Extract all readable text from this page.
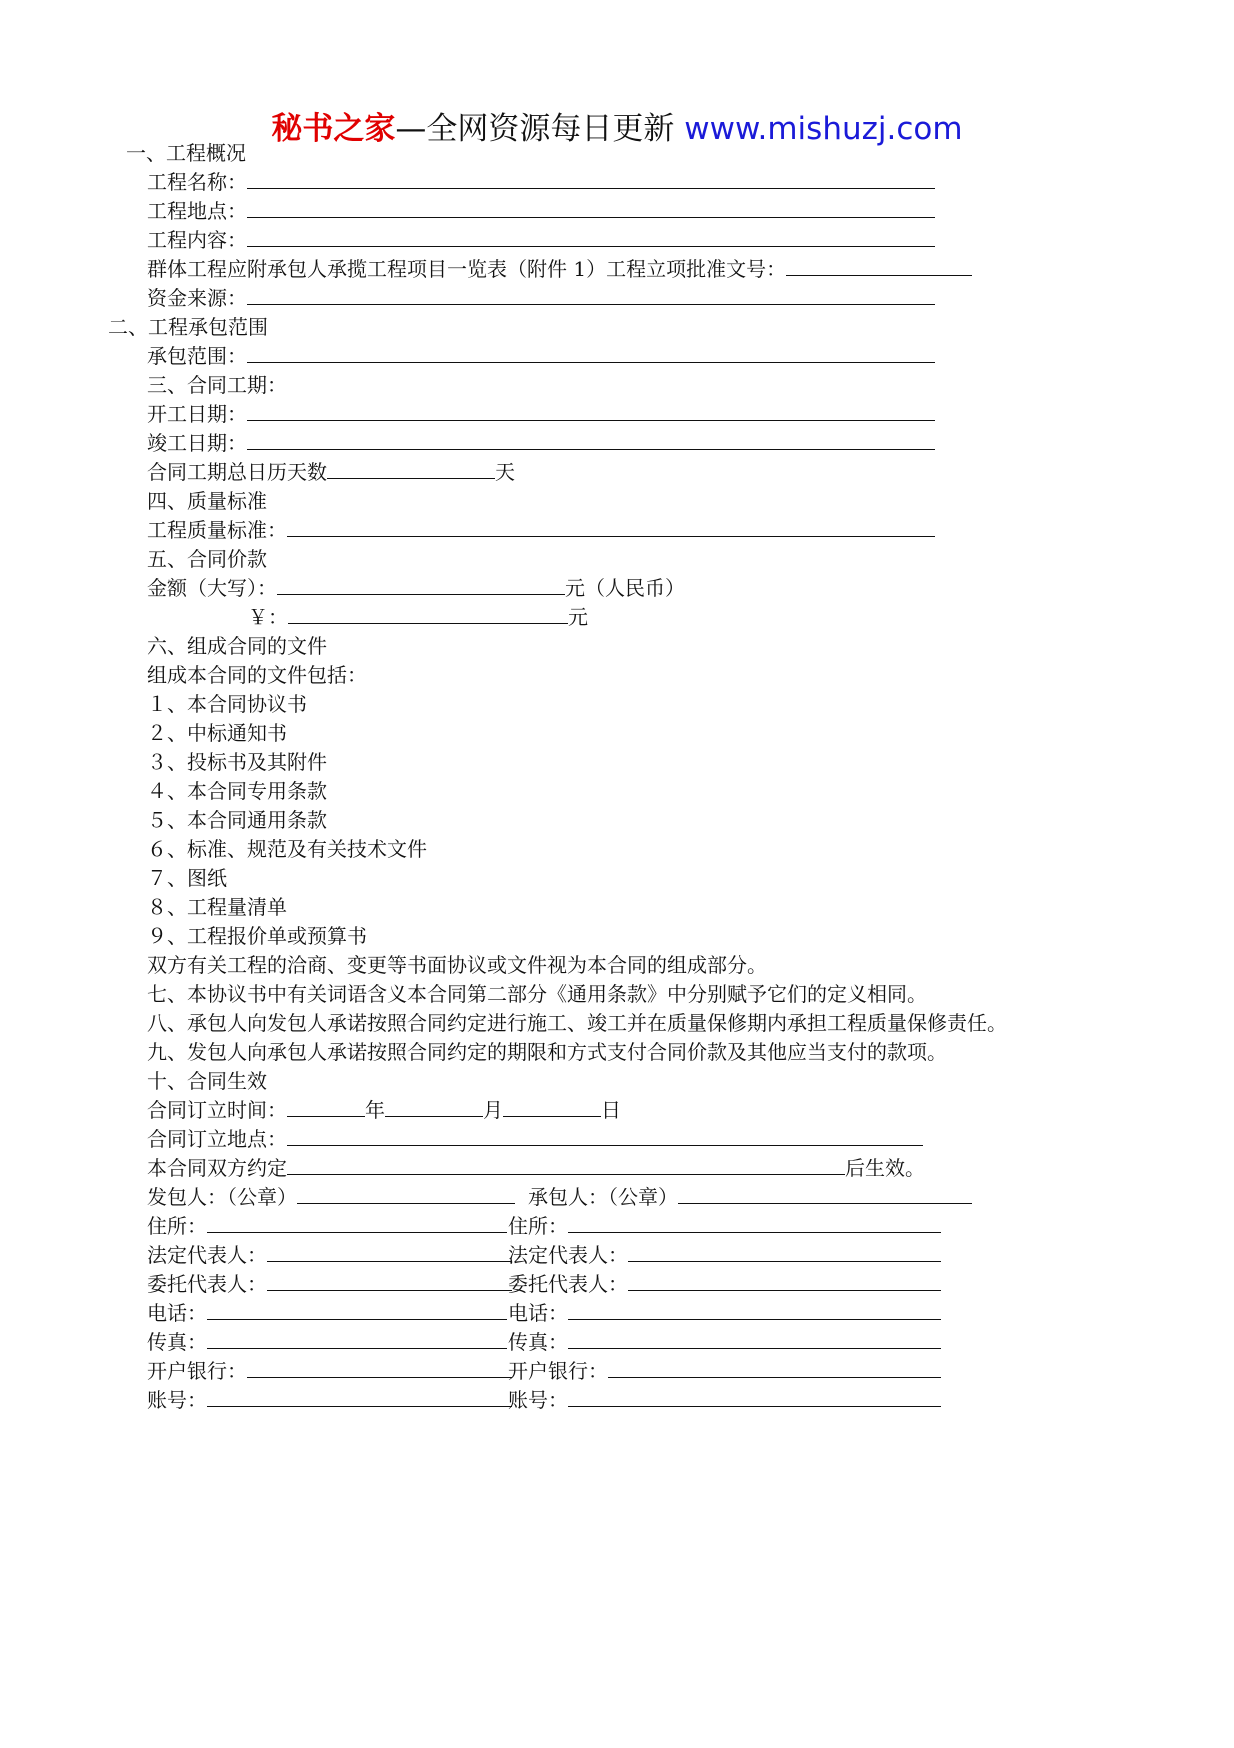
秘书之家—全网资源每日更新 www.mishuzj.com
一、工程概况
工程名称：
工程地点：
工程内容：
群体工程应附承包人承揽工程项目一览表（附件 1）工程立项批准文号：
资金来源：
二、工程承包范围
承包范围：
三、合同工期：
开工日期：
竣工日期：
合同工期总日历天数	天
四、质量标准
工程质量标准：
五、合同价款
金额（大写）：	元（人民币）
￥：	元
六、组成合同的文件
组成本合同的文件包括：
１、本合同协议书
２、中标通知书
３、投标书及其附件
４、本合同专用条款
５、本合同通用条款
６、标准、规范及有关技术文件
７、图纸
８、工程量清单
９、工程报价单或预算书
双方有关工程的洽商、变更等书面协议或文件视为本合同的组成部分。
七、本协议书中有关词语含义本合同第二部分《通用条款》中分别赋予它们的定义相同。
八、承包人向发包人承诺按照合同约定进行施工、竣工并在质量保修期内承担工程质量保修责任。
九、发包人向承包人承诺按照合同约定的期限和方式支付合同价款及其他应当支付的款项。
十、合同生效
合同订立时间：	年	月	日
合同订立地点：
本合同双方约定	后生效。
发包人：（公章）	承包人：（公章）
住所：	住所：
法定代表人：	法定代表人：
委托代表人：	委托代表人：
电话：	电话：
传真：	传真：
开户银行：	开户银行：
账号：	账号：
